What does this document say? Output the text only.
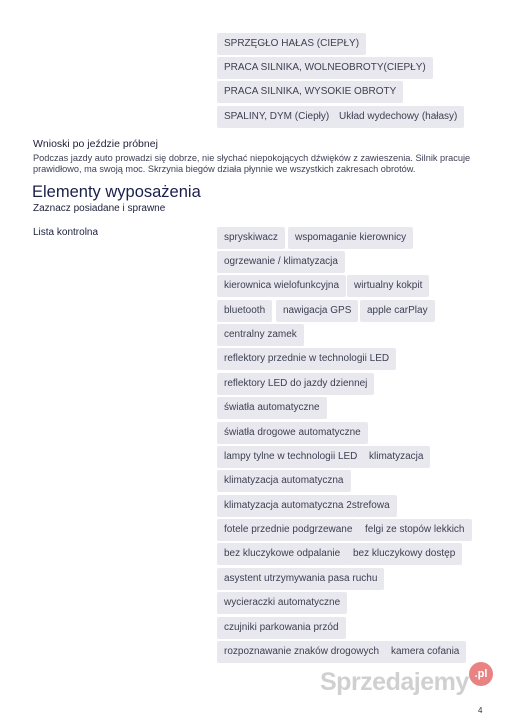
SPRZĘGŁO HAŁAS (CIEPŁY)
PRACA SILNIKA, WOLNEOBROTY(CIEPŁY)
PRACA SILNIKA, WYSOKIE OBROTY
SPALINY, DYM (Ciepły) Układ wydechowy (hałasy)
Wnioski po jeździe próbnej
Podczas jazdy auto prowadzi się dobrze, nie słychać niepokojących dźwięków z zawieszenia. Silnik pracuje prawidłowo, ma swoją moc. Skrzynia biegów działa płynnie we wszystkich zakresach obrotów.
Elementy wyposażenia
Zaznacz posiadane i sprawne
Lista kontrolna	spryskiwacz	wspomaganie kierownicy
ogrzewanie / klimatyzacja
kierownica wielofunkcyjna	wirtualny kokpit
bluetooth	nawigacja GPS	apple carPlay
centralny zamek
reflektory przednie w technologii LED
reflektory LED do jazdy dziennej
światła automatyczne
światła drogowe automatyczne
lampy tylne w technologii LED	klimatyzacja
klimatyzacja automatyczna
klimatyzacja automatyczna 2strefowa
fotele przednie podgrzewane	felgi ze stopów lekkich
bez kluczykowe odpalanie	bez kluczykowy dostęp
asystent utrzymywania pasa ruchu
wycieraczki automatyczne
czujniki parkowania przód
rozpoznawanie znaków drogowych	kamera cofania
Sprzedajemy .pl
4
